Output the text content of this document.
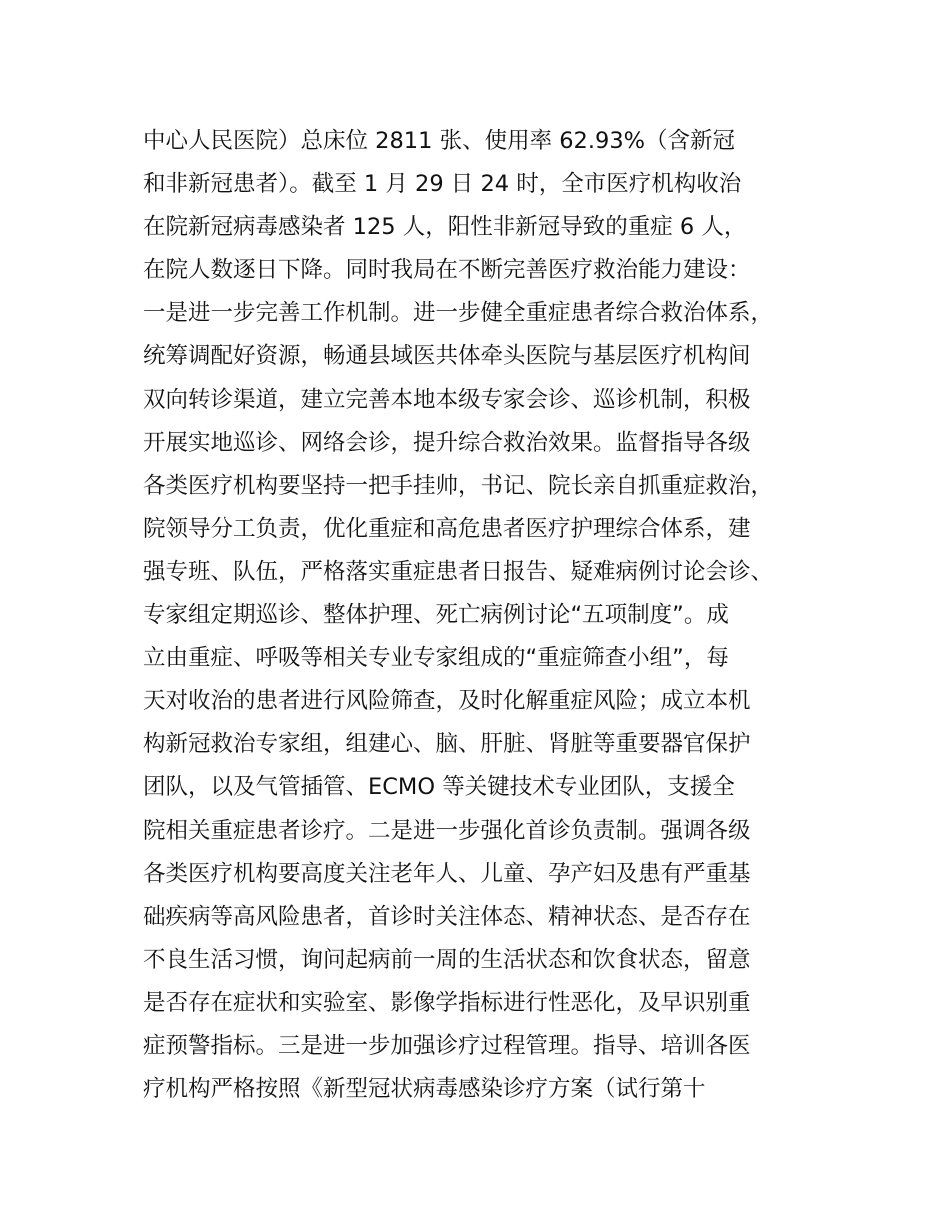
中心人民医院）总床位 2811 张、使用率 62.93%（含新冠
和非新冠患者）。截至 1 月 29 日 24 时，全市医疗机构收治
在院新冠病毒感染者 125 人，阳性非新冠导致的重症 6 人，
在院人数逐日下降。同时我局在不断完善医疗救治能力建设：
一是进一步完善工作机制。进一步健全重症患者综合救治体系，
统筹调配好资源，畅通县域医共体牵头医院与基层医疗机构间
双向转诊渠道，建立完善本地本级专家会诊、巡诊机制，积极
开展实地巡诊、网络会诊，提升综合救治效果。监督指导各级
各类医疗机构要坚持一把手挂帅，书记、院长亲自抓重症救治，
院领导分工负责，优化重症和高危患者医疗护理综合体系，建
强专班、队伍，严格落实重症患者日报告、疑难病例讨论会诊、
专家组定期巡诊、整体护理、死亡病例讨论“五项制度”。成
立由重症、呼吸等相关专业专家组成的“重症筛查小组”，每
天对收治的患者进行风险筛查，及时化解重症风险；成立本机
构新冠救治专家组，组建心、脑、肝脏、肾脏等重要器官保护
团队，以及气管插管、ECMO 等关键技术专业团队，支援全
院相关重症患者诊疗。二是进一步强化首诊负责制。强调各级
各类医疗机构要高度关注老年人、儿童、孕产妇及患有严重基
础疾病等高风险患者，首诊时关注体态、精神状态、是否存在
不良生活习惯，询问起病前一周的生活状态和饮食状态，留意
是否存在症状和实验室、影像学指标进行性恶化，及早识别重
症预警指标。三是进一步加强诊疗过程管理。指导、培训各医
疗机构严格按照《新型冠状病毒感染诊疗方案（试行第十
